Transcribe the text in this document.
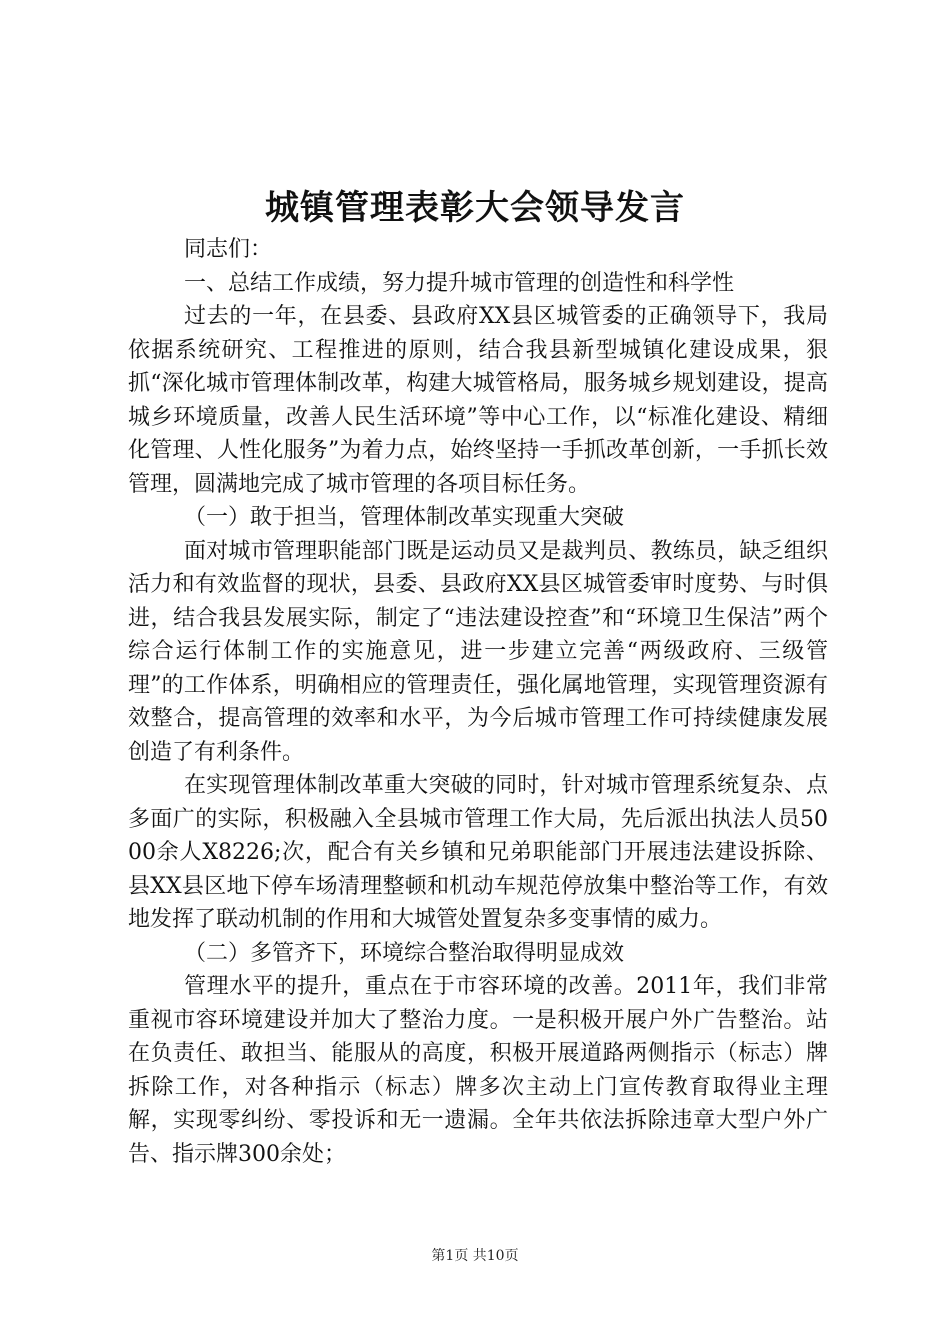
城镇管理表彰大会领导发言

同志们：

一、总结工作成绩，努力提升城市管理的创造性和科学性

过去的一年，在县委、县政府XX县区城管委的正确领导下，我局依据系统研究、工程推进的原则，结合我县新型城镇化建设成果，狠抓“深化城市管理体制改革，构建大城管格局，服务城乡规划建设，提高城乡环境质量，改善人民生活环境”等中心工作，以“标准化建设、精细化管理、人性化服务”为着力点，始终坚持一手抓改革创新，一手抓长效管理，圆满地完成了城市管理的各项目标任务。

（一）敢于担当，管理体制改革实现重大突破

面对城市管理职能部门既是运动员又是裁判员、教练员，缺乏组织活力和有效监督的现状，县委、县政府XX县区城管委审时度势、与时俱进，结合我县发展实际，制定了“违法建设控查”和“环境卫生保洁”两个综合运行体制工作的实施意见，进一步建立完善“两级政府、三级管理”的工作体系，明确相应的管理责任，强化属地管理，实现管理资源有效整合，提高管理的效率和水平，为今后城市管理工作可持续健康发展创造了有利条件。

在实现管理体制改革重大突破的同时，针对城市管理系统复杂、点多面广的实际，积极融入全县城市管理工作大局，先后派出执法人员5000余人X8226;次，配合有关乡镇和兄弟职能部门开展违法建设拆除、县XX县区地下停车场清理整顿和机动车规范停放集中整治等工作，有效地发挥了联动机制的作用和大城管处置复杂多变事情的威力。

（二）多管齐下，环境综合整治取得明显成效

管理水平的提升，重点在于市容环境的改善。2011年，我们非常重视市容环境建设并加大了整治力度。一是积极开展户外广告整治。站在负责任、敢担当、能服从的高度，积极开展道路两侧指示（标志）牌拆除工作，对各种指示（标志）牌多次主动上门宣传教育取得业主理解，实现零纠纷、零投诉和无一遗漏。全年共依法拆除违章大型户外广告、指示牌300余处；

第1页 共10页
